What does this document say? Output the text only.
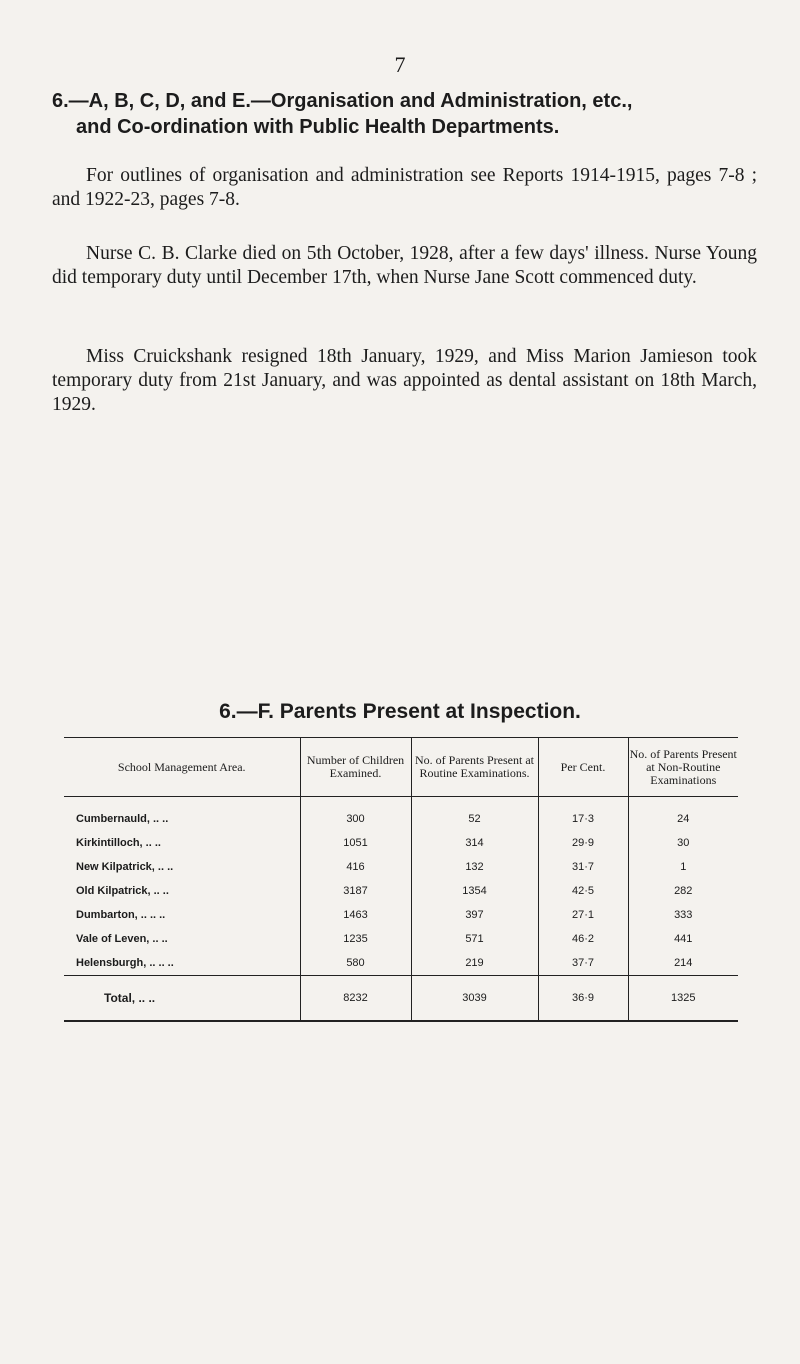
7
6.—A, B, C, D, and E.—Organisation and Administration, etc.,
and Co-ordination with Public Health Departments.
For outlines of organisation and administration see Reports 1914-1915, pages 7-8 ; and 1922-23, pages 7-8.
Nurse C. B. Clarke died on 5th October, 1928, after a few days' illness. Nurse Young did temporary duty until December 17th, when Nurse Jane Scott commenced duty.
Miss Cruickshank resigned 18th January, 1929, and Miss Marion Jamieson took temporary duty from 21st January, and was appointed as dental assistant on 18th March, 1929.
6.—F. Parents Present at Inspection.
School Management Area.	Number of Children Examined.	No. of Parents Present at Routine Examinations.	Per Cent.	No. of Parents Present at Non-Routine Examinations
Cumbernauld, .. ..	300	52	17·3	24
Kirkintilloch, .. ..	1051	314	29·9	30
New Kilpatrick, .. ..	416	132	31·7	1
Old Kilpatrick, .. ..	3187	1354	42·5	282
Dumbarton, .. .. ..	1463	397	27·1	333
Vale of Leven, .. ..	1235	571	46·2	441
Helensburgh, .. .. ..	580	219	37·7	214
Total, .. ..	8232	3039	36·9	1325
